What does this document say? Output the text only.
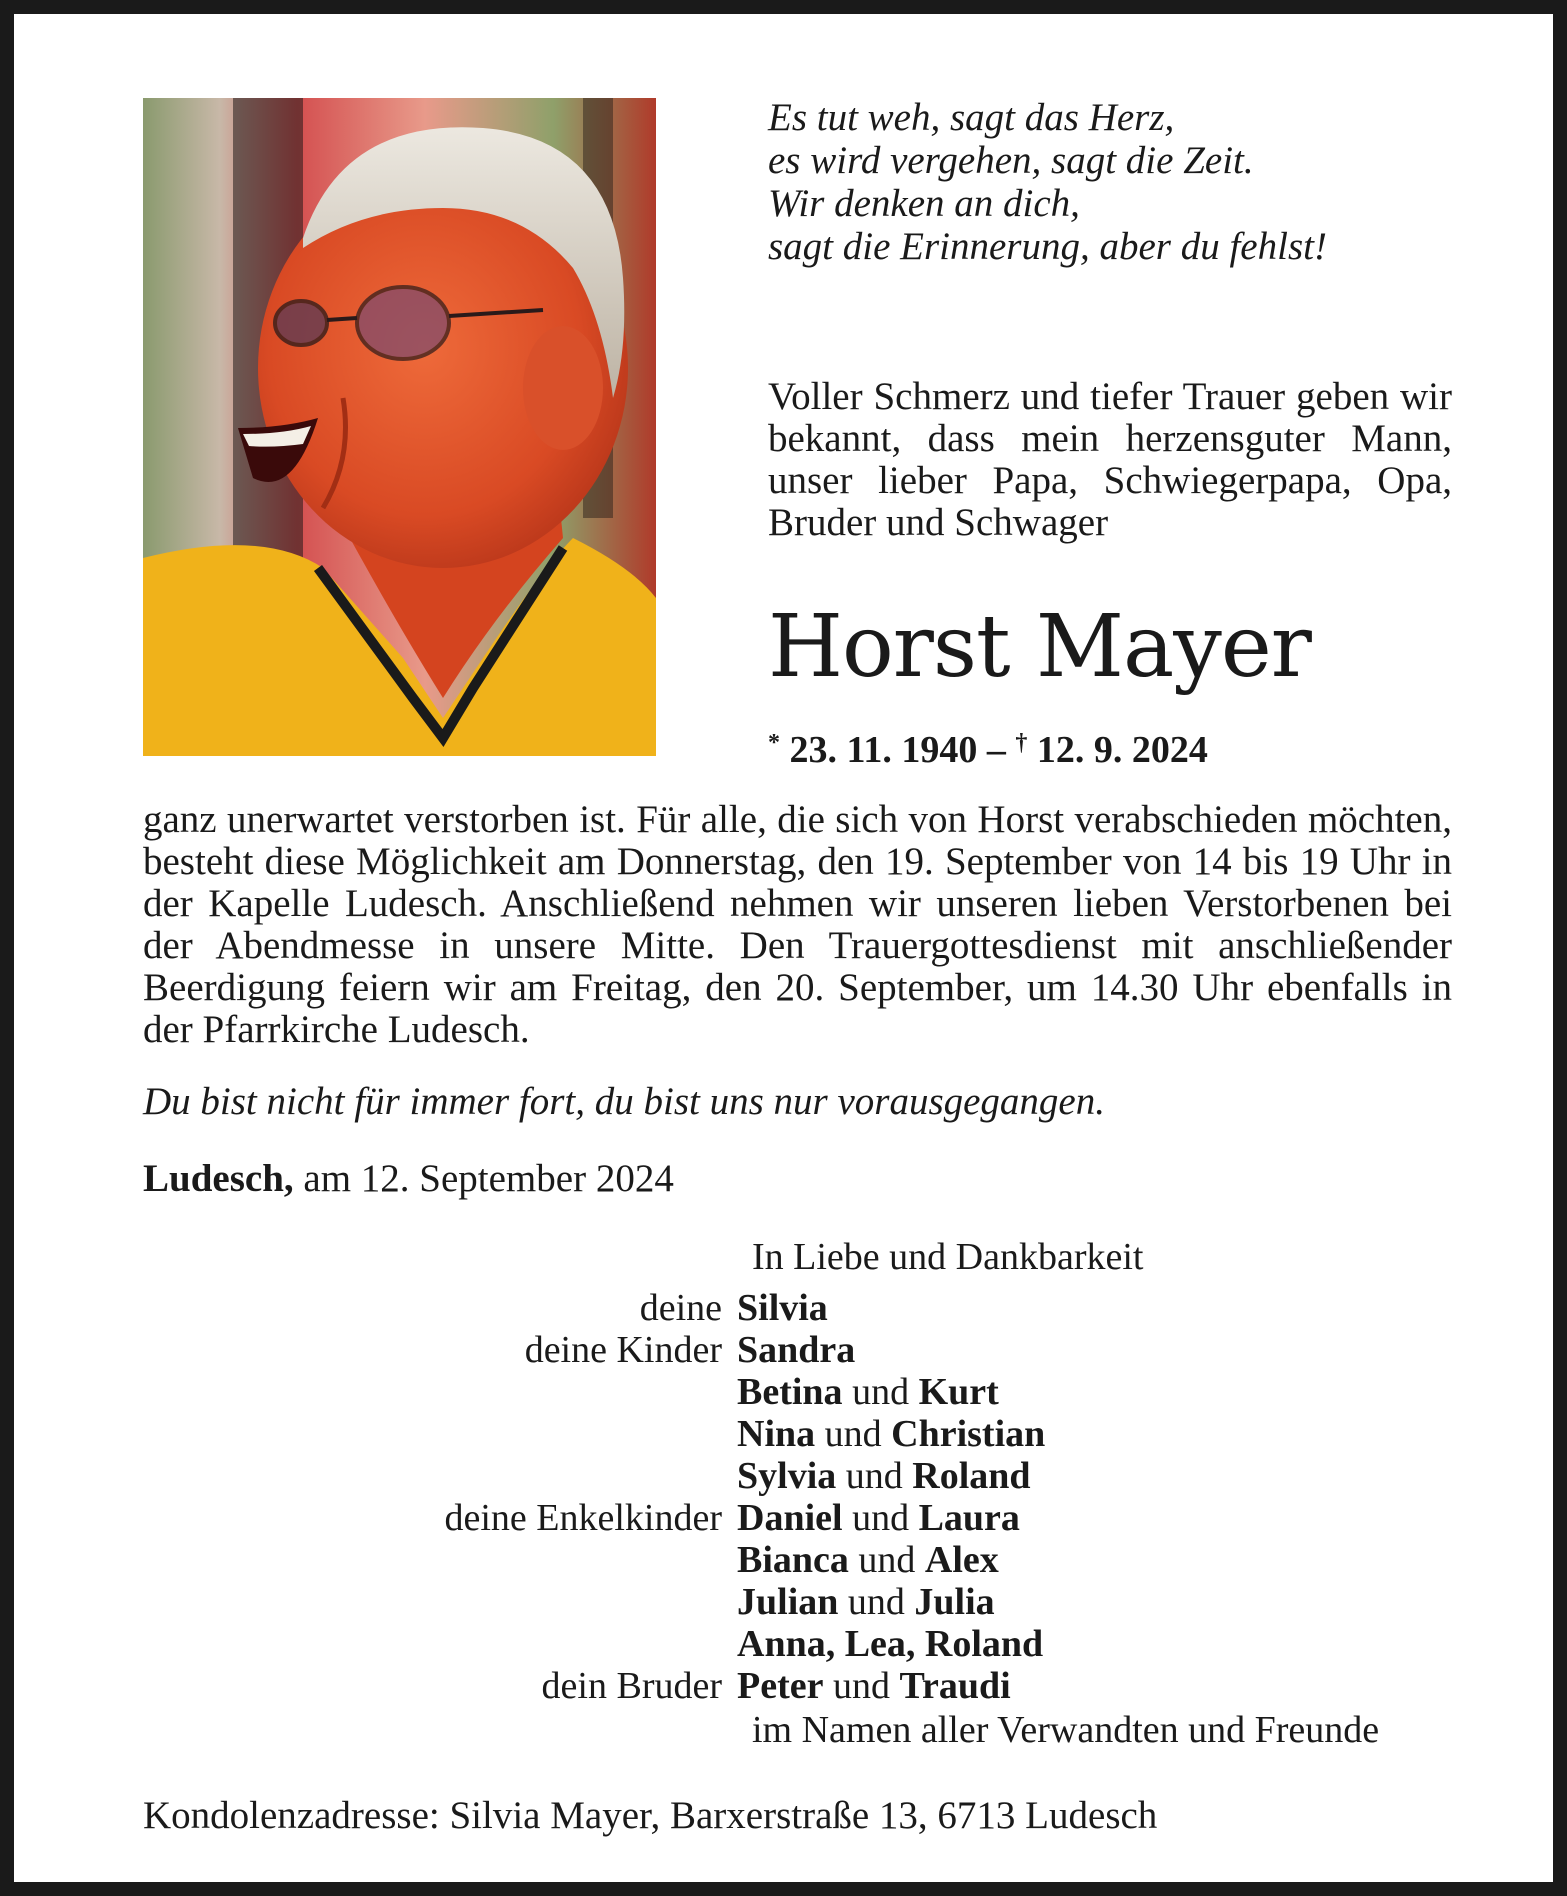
Es tut weh, sagt das Herz,
es wird vergehen, sagt die Zeit.
Wir denken an dich,
sagt die Erinnerung, aber du fehlst!
Voller Schmerz und tiefer Trauer geben wir bekannt, dass mein herzensguter Mann, unser lieber Papa, Schwiegerpapa, Opa, Bruder und Schwager
Horst Mayer
* 23. 11. 1940 – † 12. 9. 2024
ganz unerwartet verstorben ist. Für alle, die sich von Horst verabschieden möchten, besteht diese Möglichkeit am Donnerstag, den 19. September von 14 bis 19 Uhr in der Kapelle Ludesch. Anschließend nehmen wir unseren lieben Verstorbenen bei der Abendmesse in unsere Mitte. Den Trauergottesdienst mit anschließender Beerdigung feiern wir am Freitag, den 20. September, um 14.30 Uhr ebenfalls in der Pfarrkirche Ludesch.
Du bist nicht für immer fort, du bist uns nur vorausgegangen.
Ludesch, am 12. September 2024
In Liebe und Dankbarkeit
deine Silvia
deine Kinder Sandra
Betina und Kurt
Nina und Christian
Sylvia und Roland
deine Enkelkinder Daniel und Laura
Bianca und Alex
Julian und Julia
Anna, Lea, Roland
dein Bruder Peter und Traudi
im Namen aller Verwandten und Freunde
Kondolenzadresse: Silvia Mayer, Barxerstraße 13, 6713 Ludesch
